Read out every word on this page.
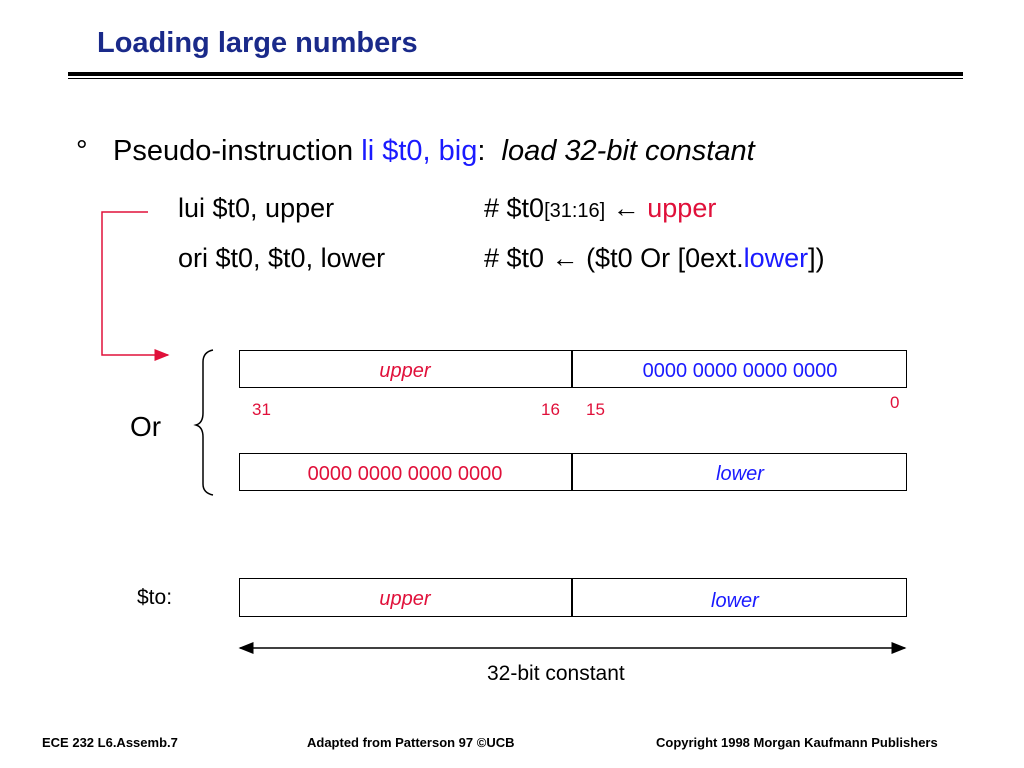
Loading large numbers
° Pseudo-instruction li $t0, big: load 32-bit constant
lui $t0, upper	# $t0[31:16] ← upper
ori $t0, $t0, lower	# $t0 ← ($t0 Or [0ext.lower])
upper	0000 0000 0000 0000
31	16 15	0
Or
0000 0000 0000 0000	lower
$to:	upper	lower
32-bit constant
ECE 232 L6.Assemb.7	Adapted from Patterson 97 ©UCB	Copyright 1998 Morgan Kaufmann Publishers
